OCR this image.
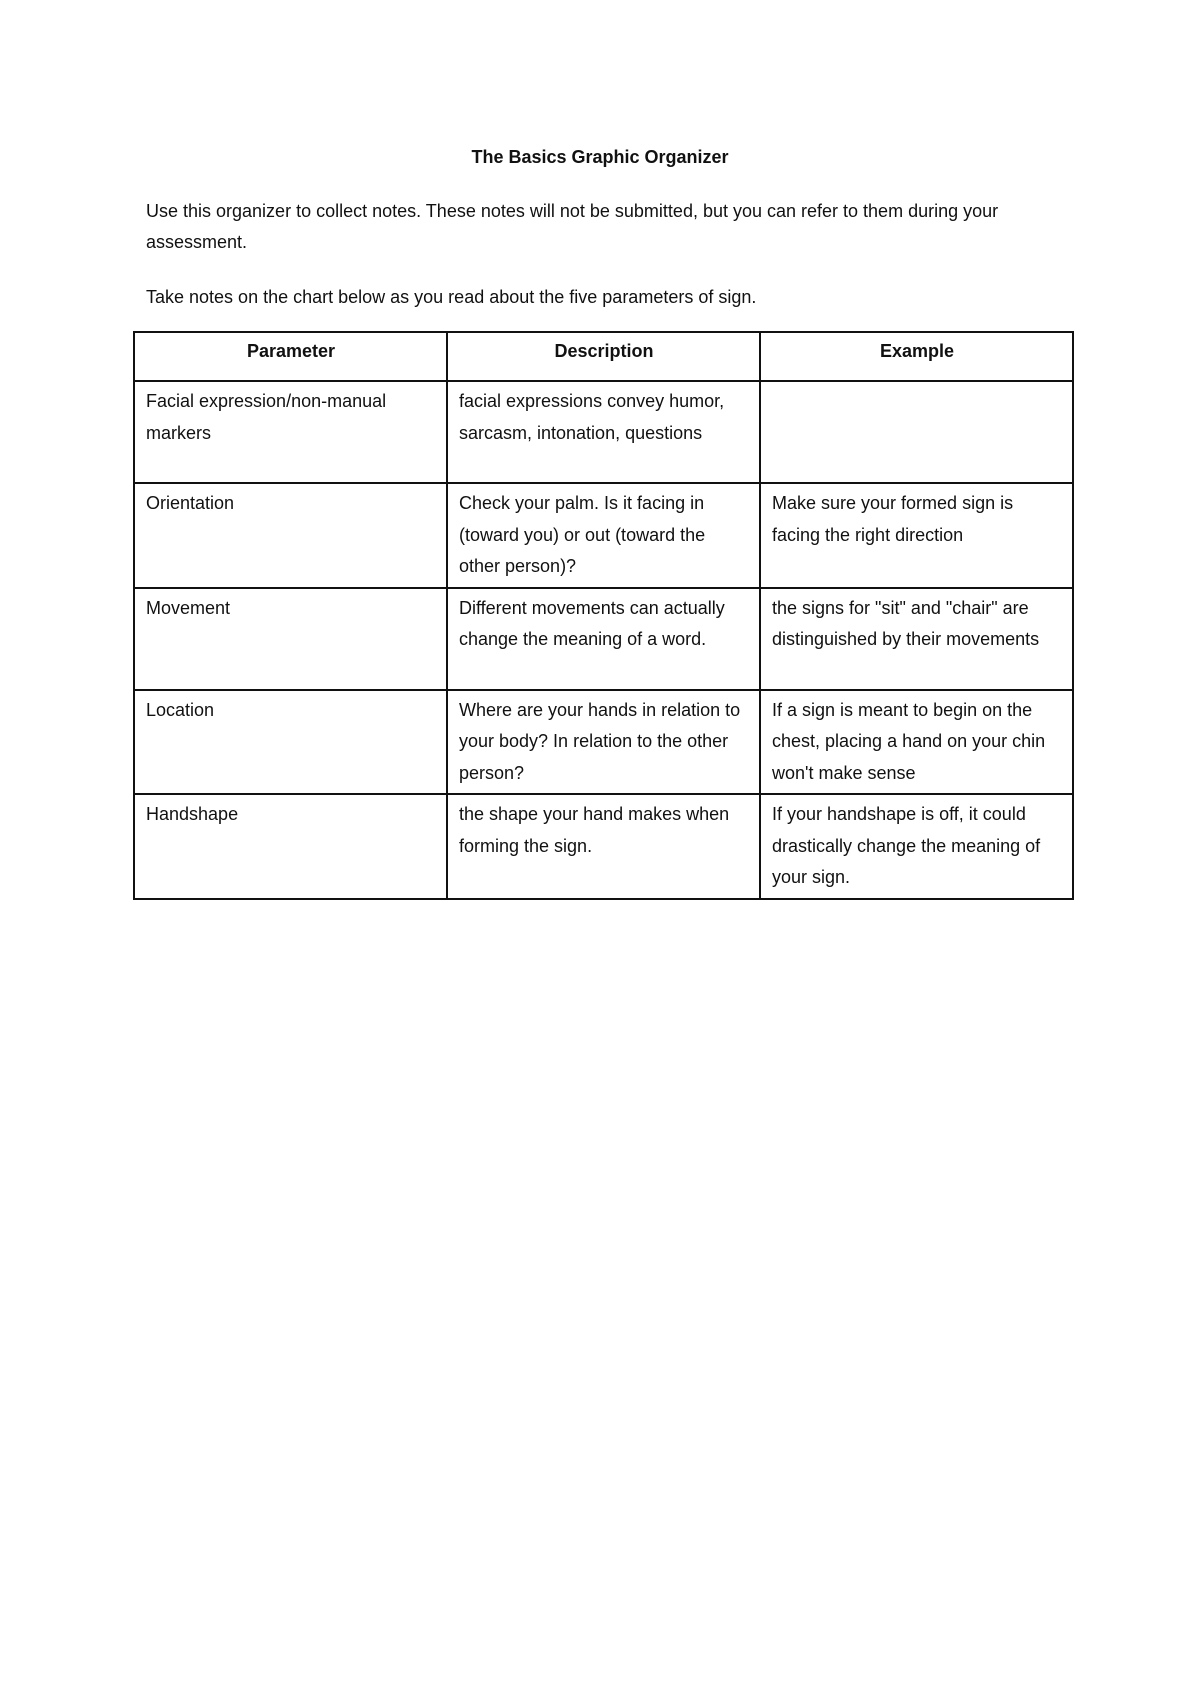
The Basics Graphic Organizer

Use this organizer to collect notes. These notes will not be submitted, but you can refer to them during your assessment.

Take notes on the chart below as you read about the five parameters of sign.

Parameter	Description	Example
Facial expression/non-manual markers	facial expressions convey humor, sarcasm, intonation, questions	
Orientation	Check your palm. Is it facing in (toward you) or out (toward the other person)?	Make sure your formed sign is facing the right direction
Movement	Different movements can actually change the meaning of a word.	the signs for "sit" and "chair" are distinguished by their movements
Location	Where are your hands in relation to your body? In relation to the other person?	If a sign is meant to begin on the chest, placing a hand on your chin won't make sense
Handshape	the shape your hand makes when forming the sign.	If your handshape is off, it could drastically change the meaning of your sign.
